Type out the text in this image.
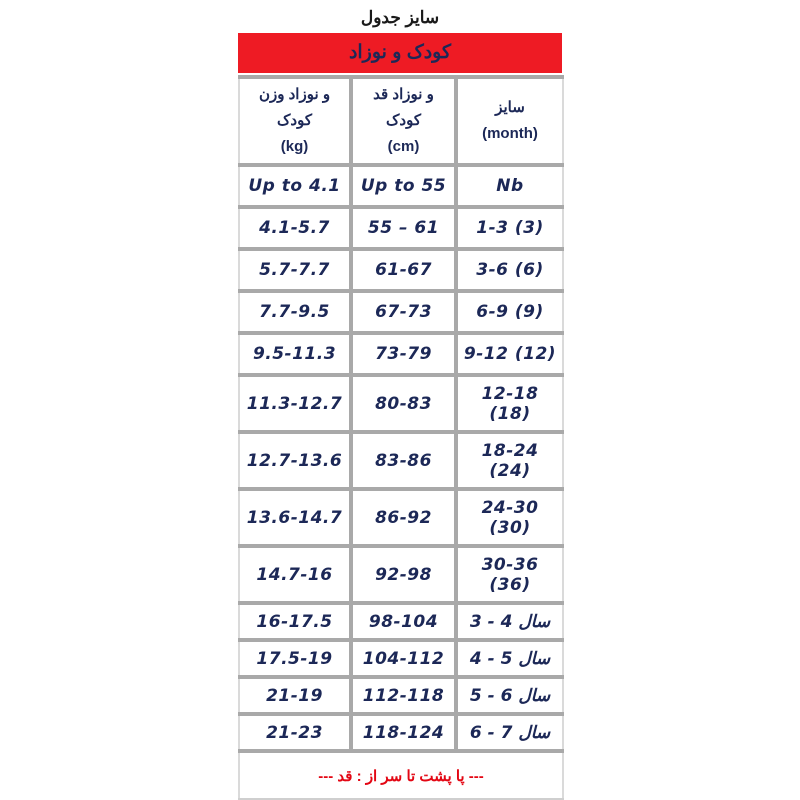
جدول‎ سایز
نوزاد‎ و‎ کودک
وزن‎ نوزاد‎ و
کودک
(kg)	قد‎ نوزاد‎ و
کودک
(cm)	سایز
(month)

Up to 4.1	Up to 55	Nb

4.1-5.7	55 – 61	1-3 (3)

5.7-7.7	61-67	3-6 (6)

7.7-9.5	67-73	6-9 (9)

9.5-11.3	73-79	9-12 (12)

11.3-12.7	80-83	12-18
(18)

12.7-13.6	83-86	18-24
(24)

13.6-14.7	86-92	24-30
(30)

14.7-16	92-98	30-36
(36)

16-17.5	98-104	3 - 4 سال

17.5-19	104-112	4 - 5 سال

21-19	112-118	5 - 6 سال

21-23	118-124	6 - 7 سال

--- قد‎ : از‎ سر‎ تا‎ پشت‎ پا ---		
